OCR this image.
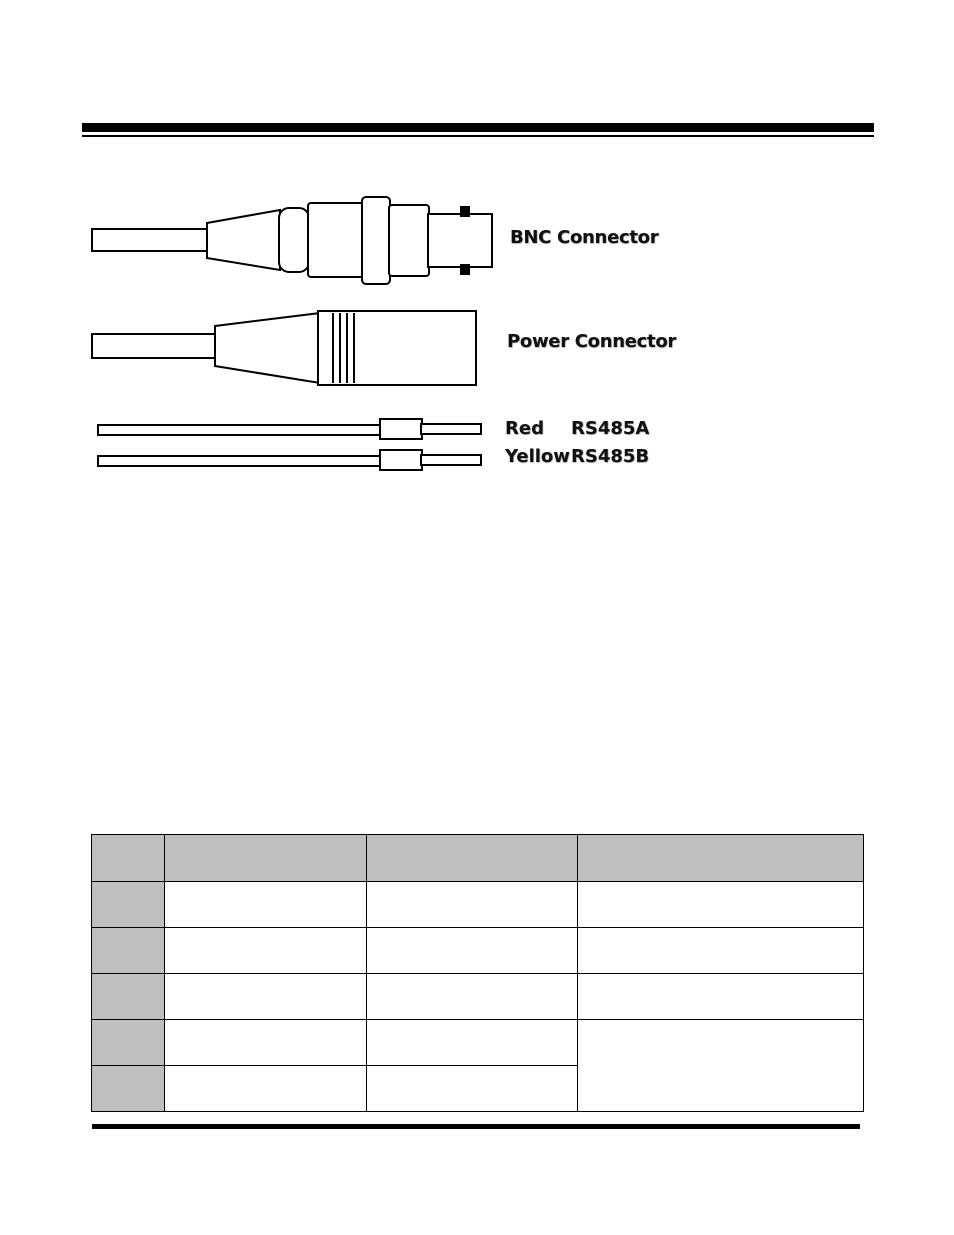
BNC Connector
Power Connector
Red RS485A
YellowRS485B
